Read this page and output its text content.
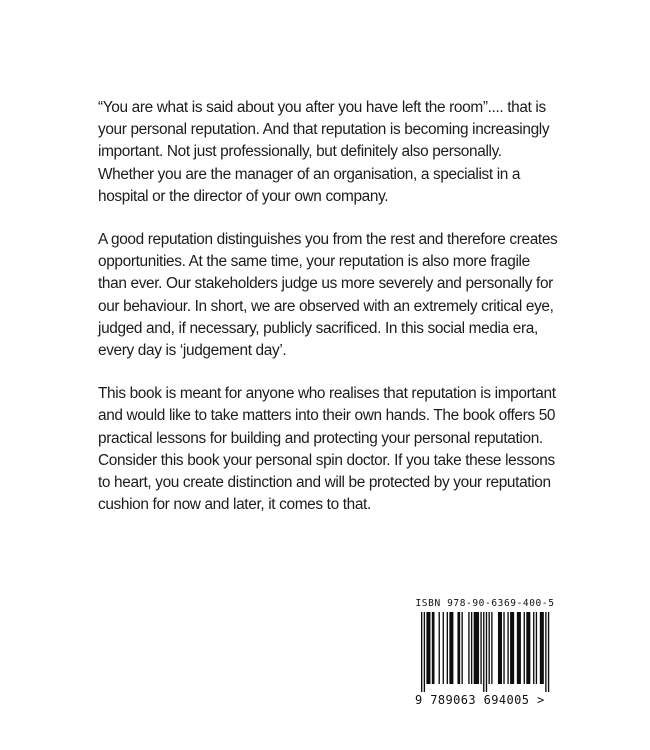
“You are what is said about you after you have left the room”.... that is your personal reputation. And that reputation is becoming increasingly important. Not just professionally, but definitely also personally. Whether you are the manager of an organisation, a specialist in a hospital or the director of your own company.

A good reputation distinguishes you from the rest and therefore creates opportunities. At the same time, your reputation is also more fragile than ever. Our stakeholders judge us more severely and personally for our behaviour. In short, we are observed with an extremely critical eye, judged and, if necessary, publicly sacrificed. In this social media era, every day is ‘judgement day’.

This book is meant for anyone who realises that reputation is important and would like to take matters into their own hands. The book offers 50 practical lessons for building and protecting your personal reputation. Consider this book your personal spin doctor. If you take these lessons to heart, you create distinction and will be protected by your reputation cushion for now and later, it comes to that.

ISBN 978-90-6369-400-5
9 789063 694005 >
